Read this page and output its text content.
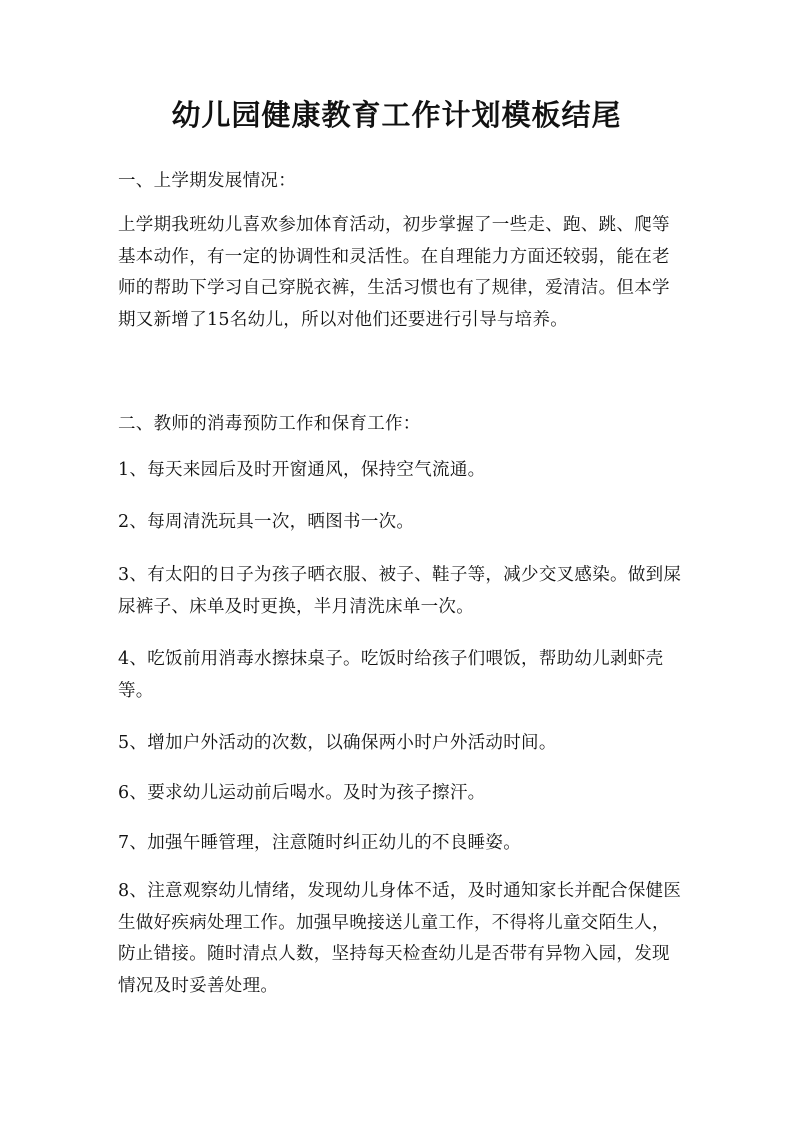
幼儿园健康教育工作计划模板结尾

一、上学期发展情况：

上学期我班幼儿喜欢参加体育活动，初步掌握了一些走、跑、跳、爬等基本动作，有一定的协调性和灵活性。在自理能力方面还较弱，能在老师的帮助下学习自己穿脱衣裤，生活习惯也有了规律，爱清洁。但本学期又新增了15名幼儿，所以对他们还要进行引导与培养。

二、教师的消毒预防工作和保育工作：

1、每天来园后及时开窗通风，保持空气流通。

2、每周清洗玩具一次，晒图书一次。

3、有太阳的日子为孩子晒衣服、被子、鞋子等，减少交叉感染。做到屎尿裤子、床单及时更换，半月清洗床单一次。

4、吃饭前用消毒水擦抹桌子。吃饭时给孩子们喂饭，帮助幼儿剥虾壳等。

5、增加户外活动的次数，以确保两小时户外活动时间。

6、要求幼儿运动前后喝水。及时为孩子擦汗。

7、加强午睡管理，注意随时纠正幼儿的不良睡姿。

8、注意观察幼儿情绪，发现幼儿身体不适，及时通知家长并配合保健医生做好疾病处理工作。加强早晚接送儿童工作，不得将儿童交陌生人，防止错接。随时清点人数，坚持每天检查幼儿是否带有异物入园，发现情况及时妥善处理。
